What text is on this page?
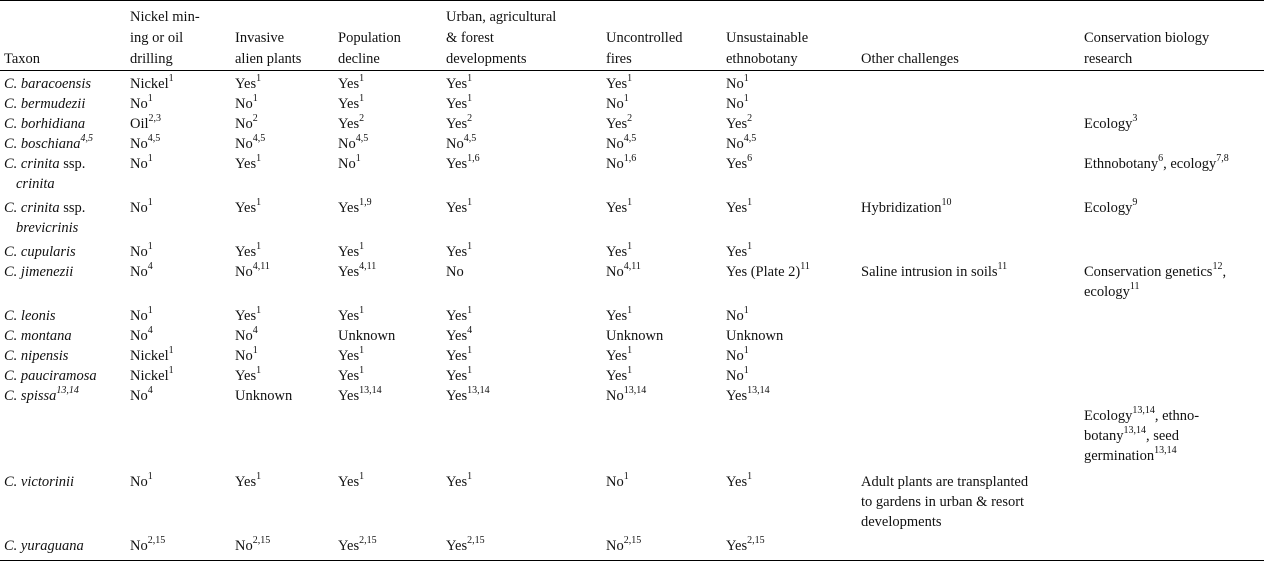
Taxon	Nickel min-
ing or oil
drilling	Invasive
alien plants	Population
decline	Urban, agricultural
& forest
developments	Uncontrolled
fires	Unsustainable
ethnobotany	Other challenges	Conservation biology
research
C. baracoensis	Nickel$^1$	Yes$^1$	Yes$^1$	Yes$^1$	Yes$^1$	No$^1$		
C. bermudezii	No$^1$	No$^1$	Yes$^1$	Yes$^1$	No$^1$	No$^1$		
C. borhidiana	Oil$^{2,3}$	No$^2$	Yes$^2$	Yes$^2$	Yes$^2$	Yes$^2$		Ecology$^3$
C. boschiana$^{4,5}$	No$^{4,5}$	No$^{4,5}$	No$^{4,5}$	No$^{4,5}$	No$^{4,5}$	No$^{4,5}$		
C. crinita ssp.
crinita	No$^1$	Yes$^1$	No$^1$	Yes$^{1,6}$	No$^{1,6}$	Yes$^6$		Ethnobotany$^6$, ecology$^{7,8}$
C. crinita ssp.
brevicrinis	No$^1$	Yes$^1$	Yes$^{1,9}$	Yes$^1$	Yes$^1$	Yes$^1$	Hybridization$^{10}$	Ecology$^9$
C. cupularis	No$^1$	Yes$^1$	Yes$^1$	Yes$^1$	Yes$^1$	Yes$^1$		
C. jimenezii	No$^4$	No$^{4,11}$	Yes$^{4,11}$	No	No$^{4,11}$	Yes (Plate 2)$^{11}$	Saline intrusion in soils$^{11}$	Conservation genetics$^{12}$,
ecology$^{11}$
C. leonis	No$^1$	Yes$^1$	Yes$^1$	Yes$^1$	Yes$^1$	No$^1$		
C. montana	No$^4$	No$^4$	Unknown	Yes$^4$	Unknown	Unknown		
C. nipensis	Nickel$^1$	No$^1$	Yes$^1$	Yes$^1$	Yes$^1$	No$^1$		
C. pauciramosa	Nickel$^1$	Yes$^1$	Yes$^1$	Yes$^1$	Yes$^1$	No$^1$		
C. spissa$^{13,14}$	No$^4$	Unknown	Yes$^{13,14}$	Yes$^{13,14}$	No$^{13,14}$	Yes$^{13,14}$		Ecology$^{13,14}$, ethno-
botany$^{13,14}$, seed
germination$^{13,14}$
C. victorinii	No$^1$	Yes$^1$	Yes$^1$	Yes$^1$	No$^1$	Yes$^1$	Adult plants are transplanted
to gardens in urban & resort
developments	
C. yuraguana	No$^{2,15}$	No$^{2,15}$	Yes$^{2,15}$	Yes$^{2,15}$	No$^{2,15}$	Yes$^{2,15}$		
